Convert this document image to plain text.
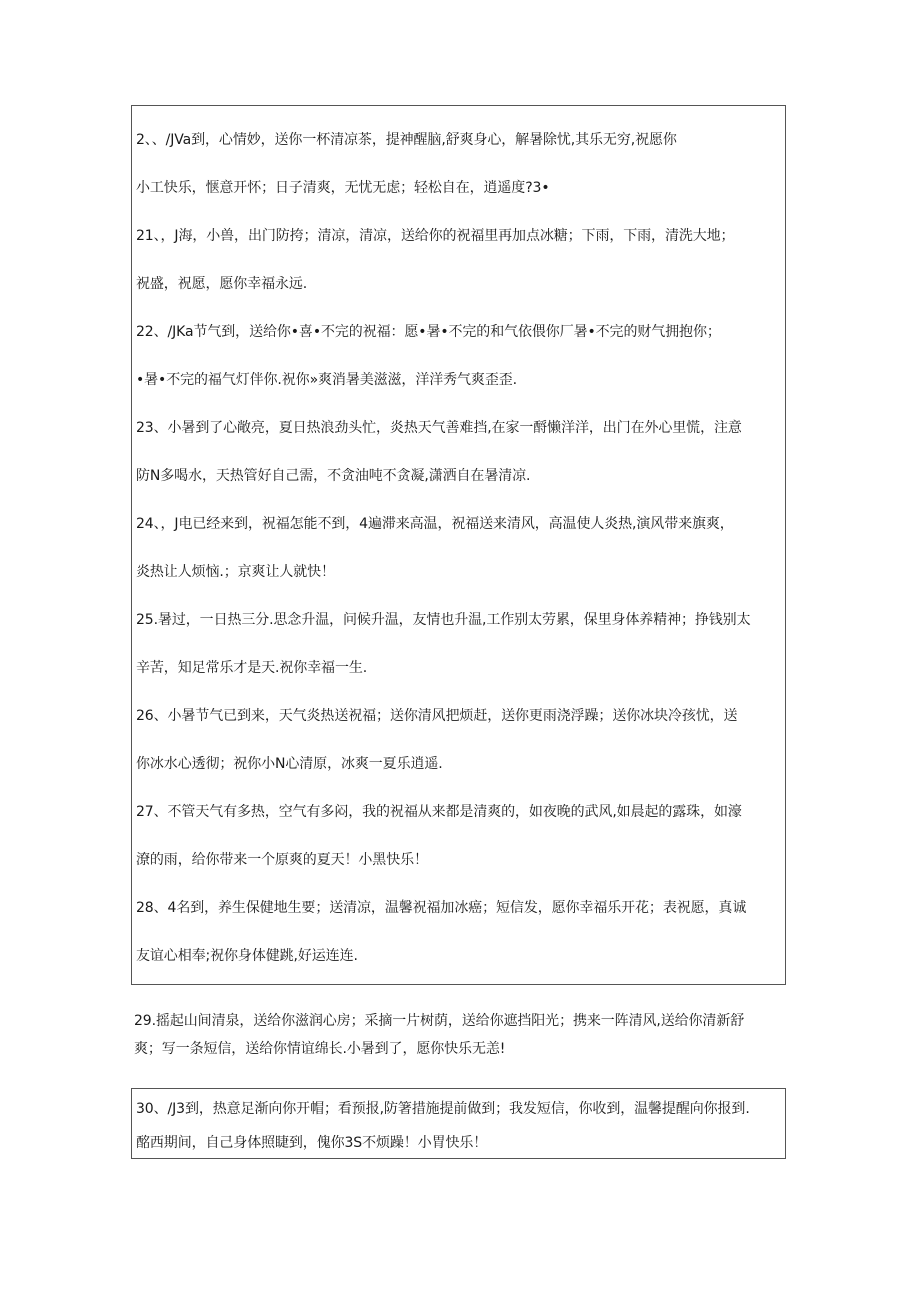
2、、/JVa到，心情妙，送你一杯清凉茶，提神醒脑,舒爽身心，解暑除忧,其乐无穷,祝愿你
小工快乐，惬意开怀；日子清爽，无忧无虑；轻松自在，逍遥度?3•
21、，J海，小兽，出门防挎；清凉，清凉，送给你的祝福里再加点冰糖；下雨，下雨，清洗大地；
祝盛，祝愿，愿你幸福永远.
22、/JKa节气到，送给你•喜•不完的祝福：愿•暑•不完的和气依偎你厂暑•不完的财气拥抱你；
•暑•不完的福气灯伴你.祝你»爽消暑美滋滋，洋洋秀气爽歪歪.
23、小暑到了心敞亮，夏日热浪劲头忙，炎热天气善难挡,在家一酹懒洋洋，出门在外心里慌，注意
防N多喝水，天热管好自己需，不贪油吨不贪凝,潇洒自在暑清凉.
24、，J电已经来到，祝福怎能不到，4遍滞来高温，祝福送来清风，高温使人炎热,演风带来旗爽，
炎热让人烦恼.；京爽让人就快！
25.暑过，一日热三分.思念升温，问候升温，友情也升温,工作别太劳累，保里身体养精神；挣钱别太
辛苦，知足常乐才是天.祝你幸福一生.
26、小暑节气已到来，天气炎热送祝福；送你清风把烦赶，送你更雨浇浮躁；送你冰块冷孩忧，送
你冰水心透彻；祝你小N心清原，冰爽一夏乐逍遥.
27、不管天气有多热，空气有多闷，我的祝福从来都是清爽的，如夜晚的武风,如晨起的露珠，如濠
潦的雨，给你带来一个原爽的夏天！小黑快乐！
28、4名到，养生保健地生要；送清凉，温馨祝福加冰癌；短信发，愿你幸福乐开花；表祝愿，真诚
友谊心相奉;祝你身体健跳,好运连连.
29.摇起山间清泉，送给你滋润心房；采摘一片树荫，送给你遮挡阳光；携来一阵清风,送给你清新舒
爽；写一条短信，送给你情谊绵长.小暑到了，愿你快乐无恙!
30、/J3到，热意足渐向你开帽；看预报,防箸措施提前做到；我发短信，你收到，温馨提醒向你报到.
酩西期间，自己身体照睫到，傀你3S不烦躁！小胃快乐！
